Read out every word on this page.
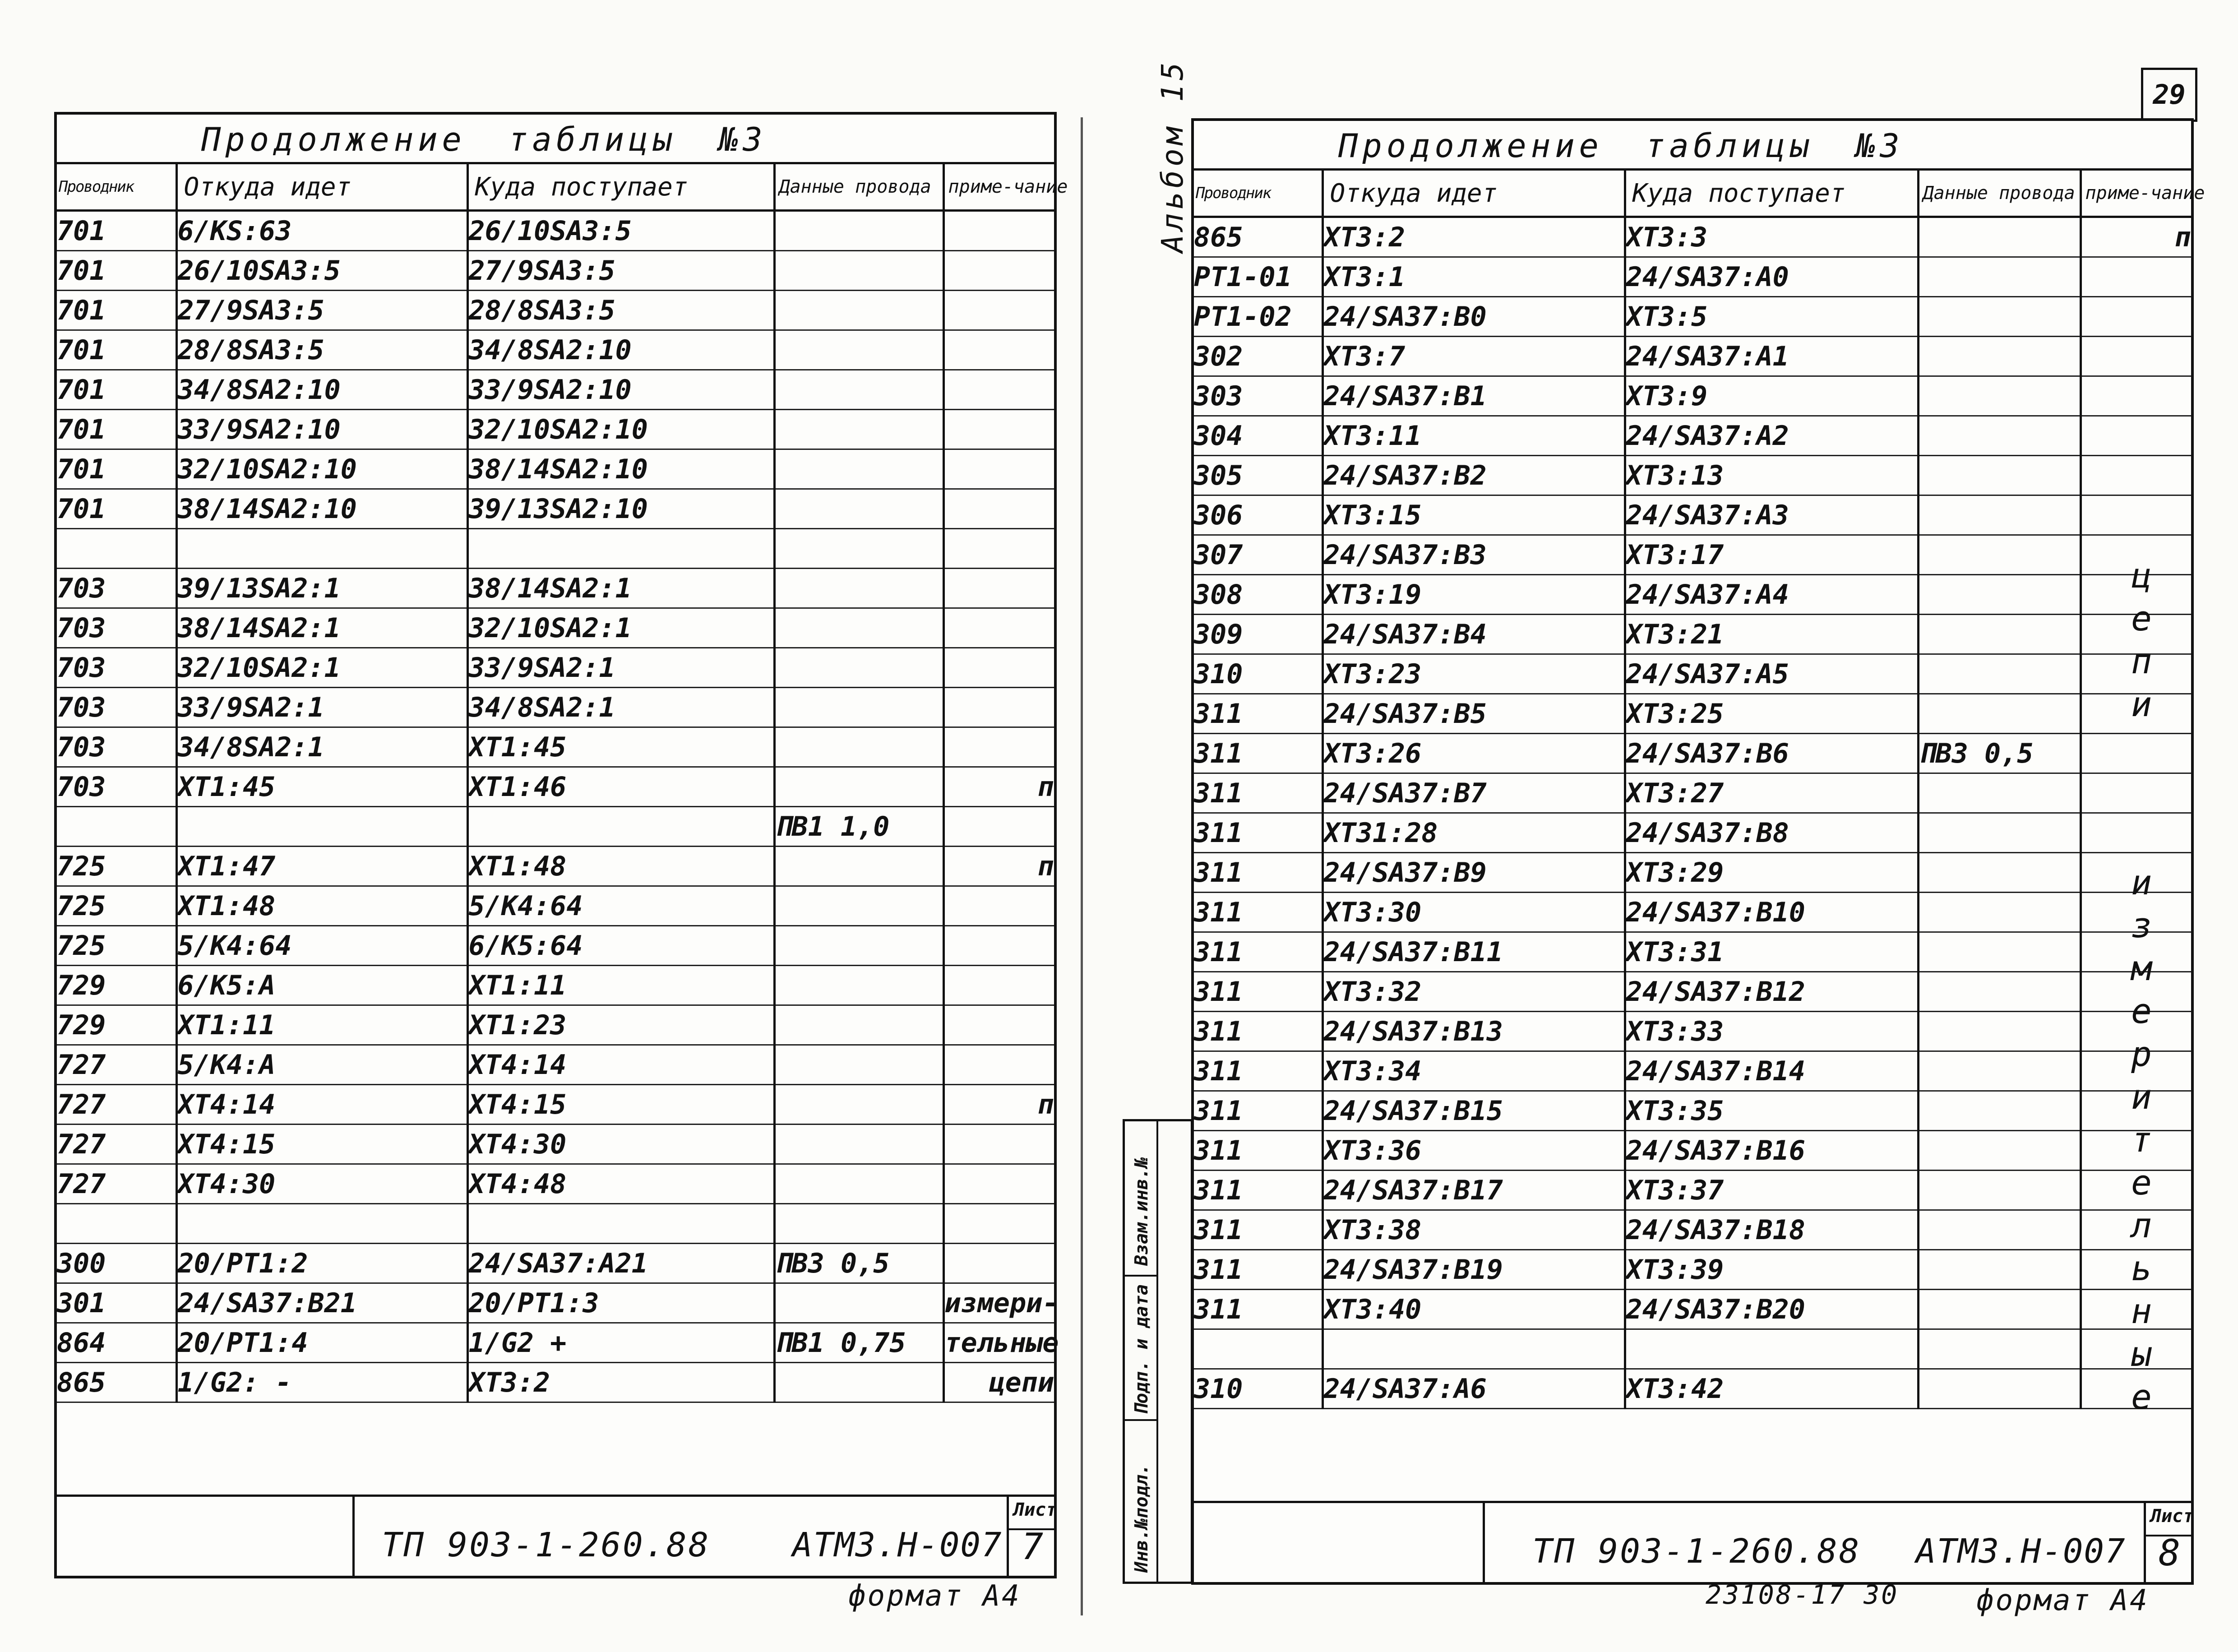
29
Альбом 15
Продолжение таблицы №3
Проводник	Откуда идет	Куда поступает	Данные провода	приме-чание
701	6/KS:63	26/10SA3:5		
701	26/10SA3:5	27/9SA3:5		
701	27/9SA3:5	28/8SA3:5		
701	28/8SA3:5	34/8SA2:10		
701	34/8SA2:10	33/9SA2:10		
701	33/9SA2:10	32/10SA2:10		
701	32/10SA2:10	38/14SA2:10		
701	38/14SA2:10	39/13SA2:10		

703	39/13SA2:1	38/14SA2:1		
703	38/14SA2:1	32/10SA2:1		
703	32/10SA2:1	33/9SA2:1		
703	33/9SA2:1	34/8SA2:1		
703	34/8SA2:1	XT1:45		
703	XT1:45	XT1:46		п
			ПВ1 1,0	
725	XT1:47	XT1:48		п
725	XT1:48	5/K4:64		
725	5/K4:64	6/K5:64		
729	6/K5:A	XT1:11		
729	XT1:11	XT1:23		
727	5/K4:A	XT4:14		
727	XT4:14	XT4:15		п
727	XT4:15	XT4:30		
727	XT4:30	XT4:48		

300	20/PT1:2	24/SA37:A21	ПВ3 0,5	
301	24/SA37:B21	20/PT1:3		измери-
864	20/PT1:4	1/G2 +	ПВ1 0,75	тельные
865	1/G2: -	XT3:2		цепи
ТП 903-1-260.88 АТМ3.Н-007
Лист
7
формат А4
Взам.инв.№
Подп. и дата
Инв.№подл.
Продолжение таблицы №3
Проводник	Откуда идет	Куда поступает	Данные провода	приме-чание
865	XT3:2	XT3:3		п
PT1-01	XT3:1	24/SA37:A0		
PT1-02	24/SA37:B0	XT3:5		
302	XT3:7	24/SA37:A1		
303	24/SA37:B1	XT3:9		
304	XT3:11	24/SA37:A2		
305	24/SA37:B2	XT3:13		
306	XT3:15	24/SA37:A3		
307	24/SA37:B3	XT3:17		
308	XT3:19	24/SA37:A4		
309	24/SA37:B4	XT3:21		
310	XT3:23	24/SA37:A5		
311	24/SA37:B5	XT3:25		
311	XT3:26	24/SA37:B6	ПВ3 0,5	
311	24/SA37:B7	XT3:27		
311	XT31:28	24/SA37:B8		
311	24/SA37:B9	XT3:29		
311	XT3:30	24/SA37:B10		
311	24/SA37:B11	XT3:31		
311	XT3:32	24/SA37:B12		
311	24/SA37:B13	XT3:33		
311	XT3:34	24/SA37:B14		
311	24/SA37:B15	XT3:35		
311	XT3:36	24/SA37:B16		
311	24/SA37:B17	XT3:37		
311	XT3:38	24/SA37:B18		
311	24/SA37:B19	XT3:39		
311	XT3:40	24/SA37:B20		

310	24/SA37:A6	XT3:42		
ц
е
п
и
и
з
м
е
р
и
т
е
л
ь
н
ы
е
ТП 903-1-260.88 АТМ3.Н-007
Лист
8
23108-17 30	формат А4
